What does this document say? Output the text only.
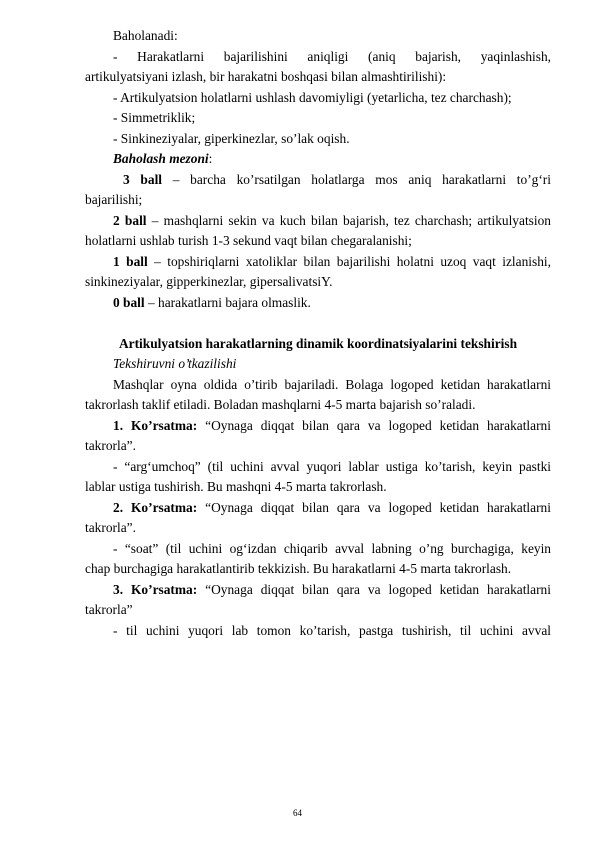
Baholanadi:
- Harakatlarni bajarilishini aniqligi (aniq bajarish, yaqinlashish,
artikulyatsiyani izlash, bir harakatni boshqasi bilan almashtirilishi):
- Artikulyatsion holatlarni ushlash davomiyligi (yetarlicha, tez charchash);
- Simmetriklik;
- Sinkineziyalar, giperkinezlar, so’lak oqish.
Baholash mezoni:
3 ball – barcha ko’rsatilgan holatlarga mos aniq harakatlarni to’g‘ri
bajarilishi;
2 ball – mashqlarni sekin va kuch bilan bajarish, tez charchash; artikulyatsion
holatlarni ushlab turish 1-3 sekund vaqt bilan chegaralanishi;
1 ball – topshiriqlarni xatoliklar bilan bajarilishi holatni uzoq vaqt izlanishi,
sinkineziyalar, gipperkinezlar, gipersalivatsiY.
0 ball – harakatlarni bajara olmaslik.
Artikulyatsion harakatlarning dinamik koordinatsiyalarini tekshirish
Tekshiruvni o’tkazilishi
Mashqlar oyna oldida o’tirib bajariladi. Bolaga logoped ketidan harakatlarni
takrorlash taklif etiladi. Boladan mashqlarni 4-5 marta bajarish so’raladi.
1. Ko’rsatma: “Oynaga diqqat bilan qara va logoped ketidan harakatlarni
takrorla”.
- “arg‘umchoq” (til uchini avval yuqori lablar ustiga ko’tarish, keyin pastki
lablar ustiga tushirish. Bu mashqni 4-5 marta takrorlash.
2. Ko’rsatma: “Oynaga diqqat bilan qara va logoped ketidan harakatlarni
takrorla”.
- “soat” (til uchini og‘izdan chiqarib avval labning o’ng burchagiga, keyin
chap burchagiga harakatlantirib tekkizish. Bu harakatlarni 4-5 marta takrorlash.
3. Ko’rsatma: “Oynaga diqqat bilan qara va logoped ketidan harakatlarni
takrorla”
- til uchini yuqori lab tomon ko’tarish, pastga tushirish, til uchini avval
64
